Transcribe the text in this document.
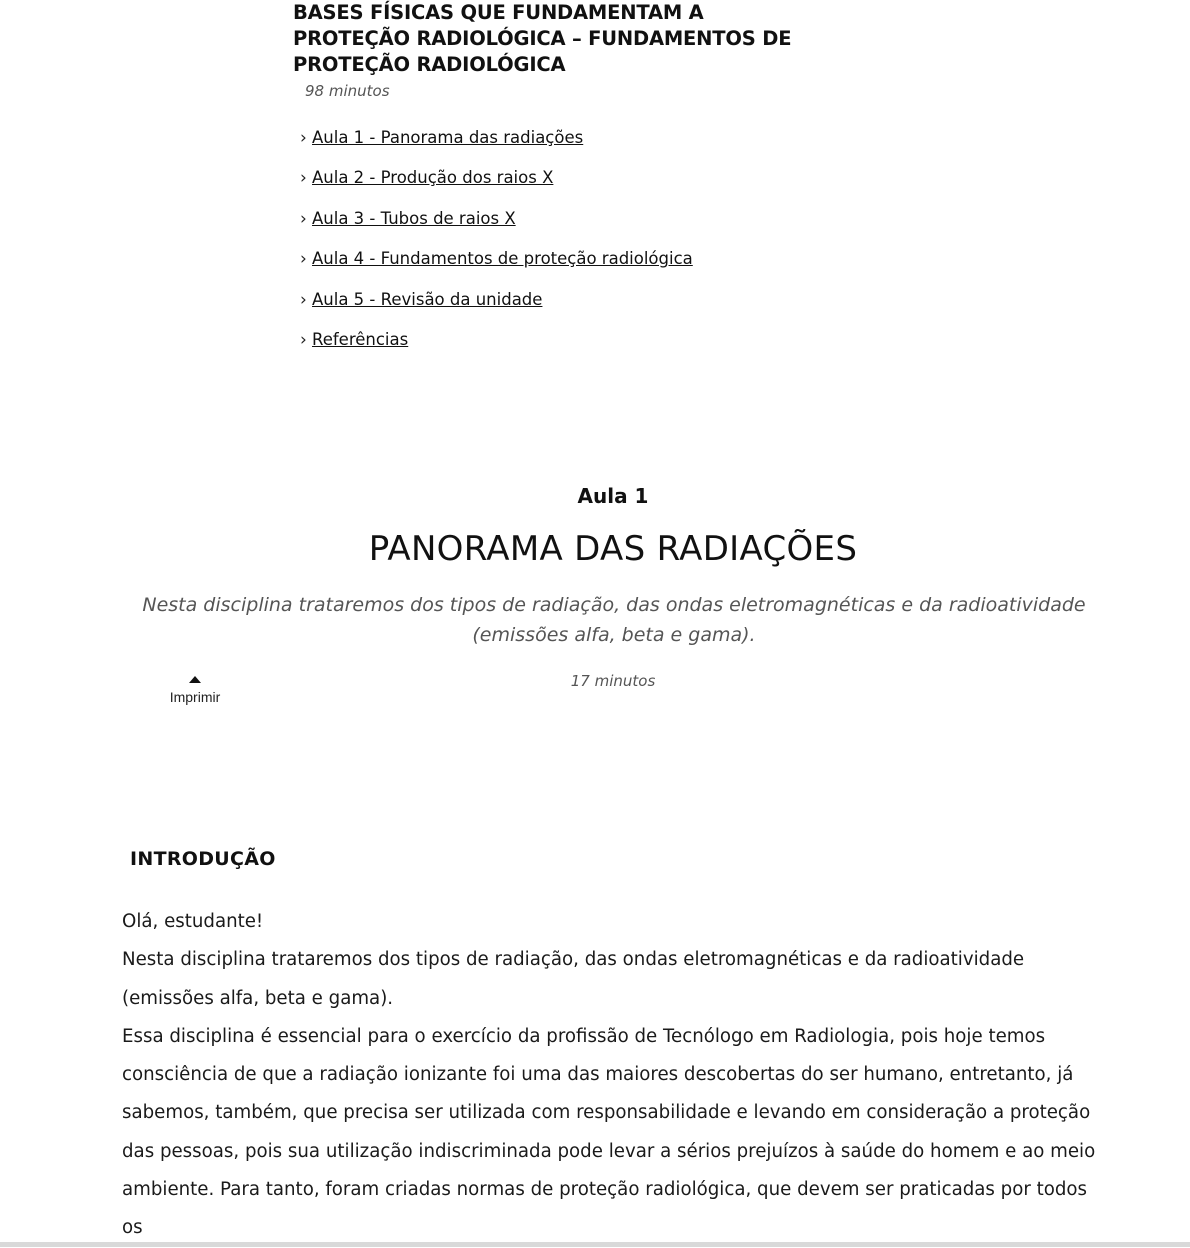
BASES FÍSICAS QUE FUNDAMENTAM A PROTEÇÃO RADIOLÓGICA – FUNDAMENTOS DE PROTEÇÃO RADIOLÓGICA
98 minutos
› Aula 1 - Panorama das radiações
› Aula 2 - Produção dos raios X
› Aula 3 - Tubos de raios X
› Aula 4 - Fundamentos de proteção radiológica
› Aula 5 - Revisão da unidade
› Referências
Aula 1
PANORAMA DAS RADIAÇÕES
Nesta disciplina trataremos dos tipos de radiação, das ondas eletromagnéticas e da radioatividade (emissões alfa, beta e gama).
17 minutos
Imprimir
INTRODUÇÃO

Olá, estudante!

Nesta disciplina trataremos dos tipos de radiação, das ondas eletromagnéticas e da radioatividade (emissões alfa, beta e gama).

Essa disciplina é essencial para o exercício da profissão de Tecnólogo em Radiologia, pois hoje temos consciência de que a radiação ionizante foi uma das maiores descobertas do ser humano, entretanto, já sabemos, também, que precisa ser utilizada com responsabilidade e levando em consideração a proteção das pessoas, pois sua utilização indiscriminada pode levar a sérios prejuízos à saúde do homem e ao meio ambiente. Para tanto, foram criadas normas de proteção radiológica, que devem ser praticadas por todos os
